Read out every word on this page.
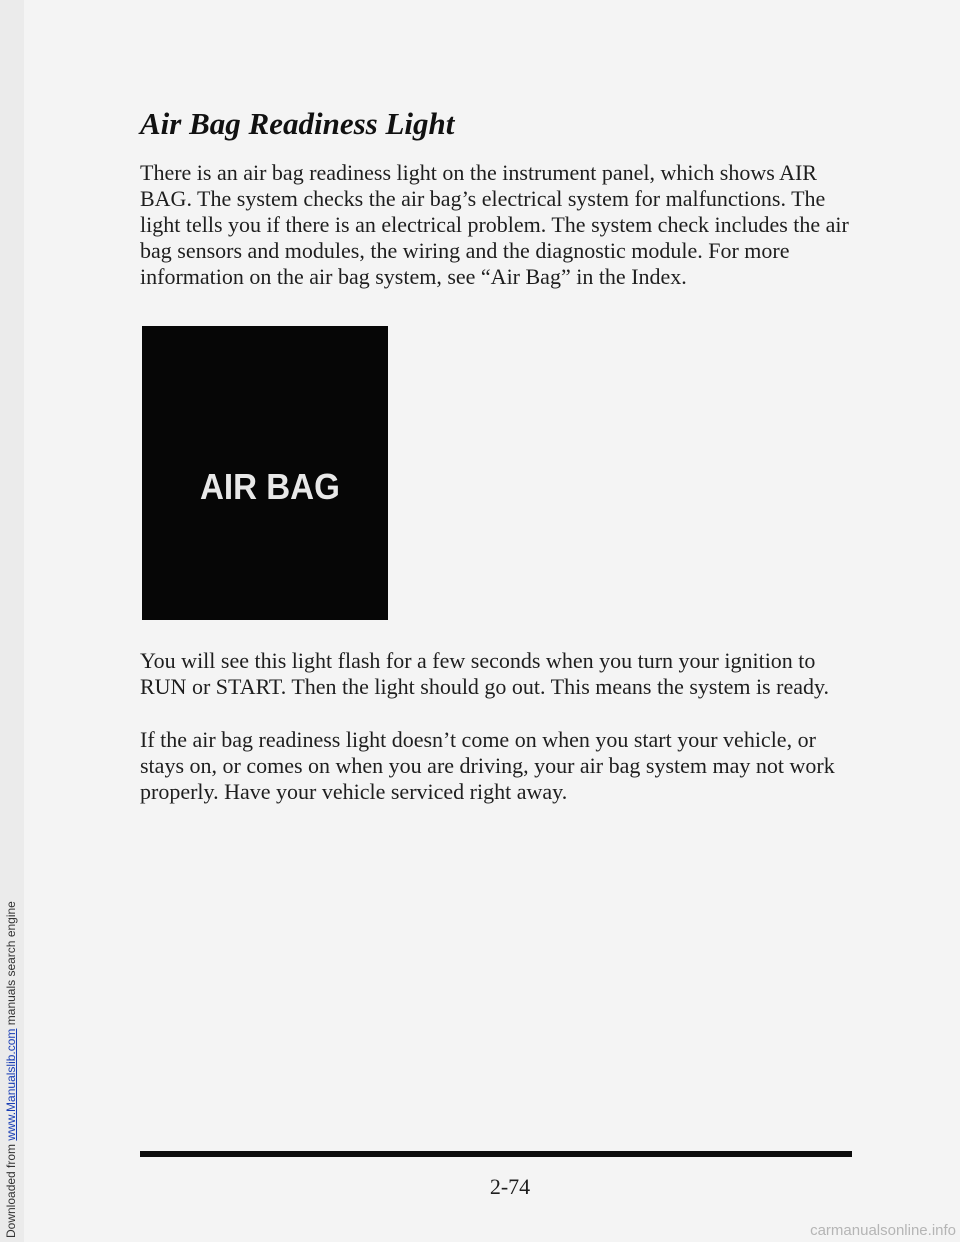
Downloaded from www.Manualslib.com manuals search engine
Air Bag Readiness Light

There is an air bag readiness light on the instrument panel, which shows AIR BAG. The system checks the air bag’s electrical system for malfunctions. The light tells you if there is an electrical problem. The system check includes the air bag sensors and modules, the wiring and the diagnostic module. For more information on the air bag system, see “Air Bag” in the Index.

AIR BAG

You will see this light flash for a few seconds when you turn your ignition to RUN or START. Then the light should go out. This means the system is ready.

If the air bag readiness light doesn’t come on when you start your vehicle, or stays on, or comes on when you are driving, your air bag system may not work properly. Have your vehicle serviced right away.

2-74
carmanualsonline.info
